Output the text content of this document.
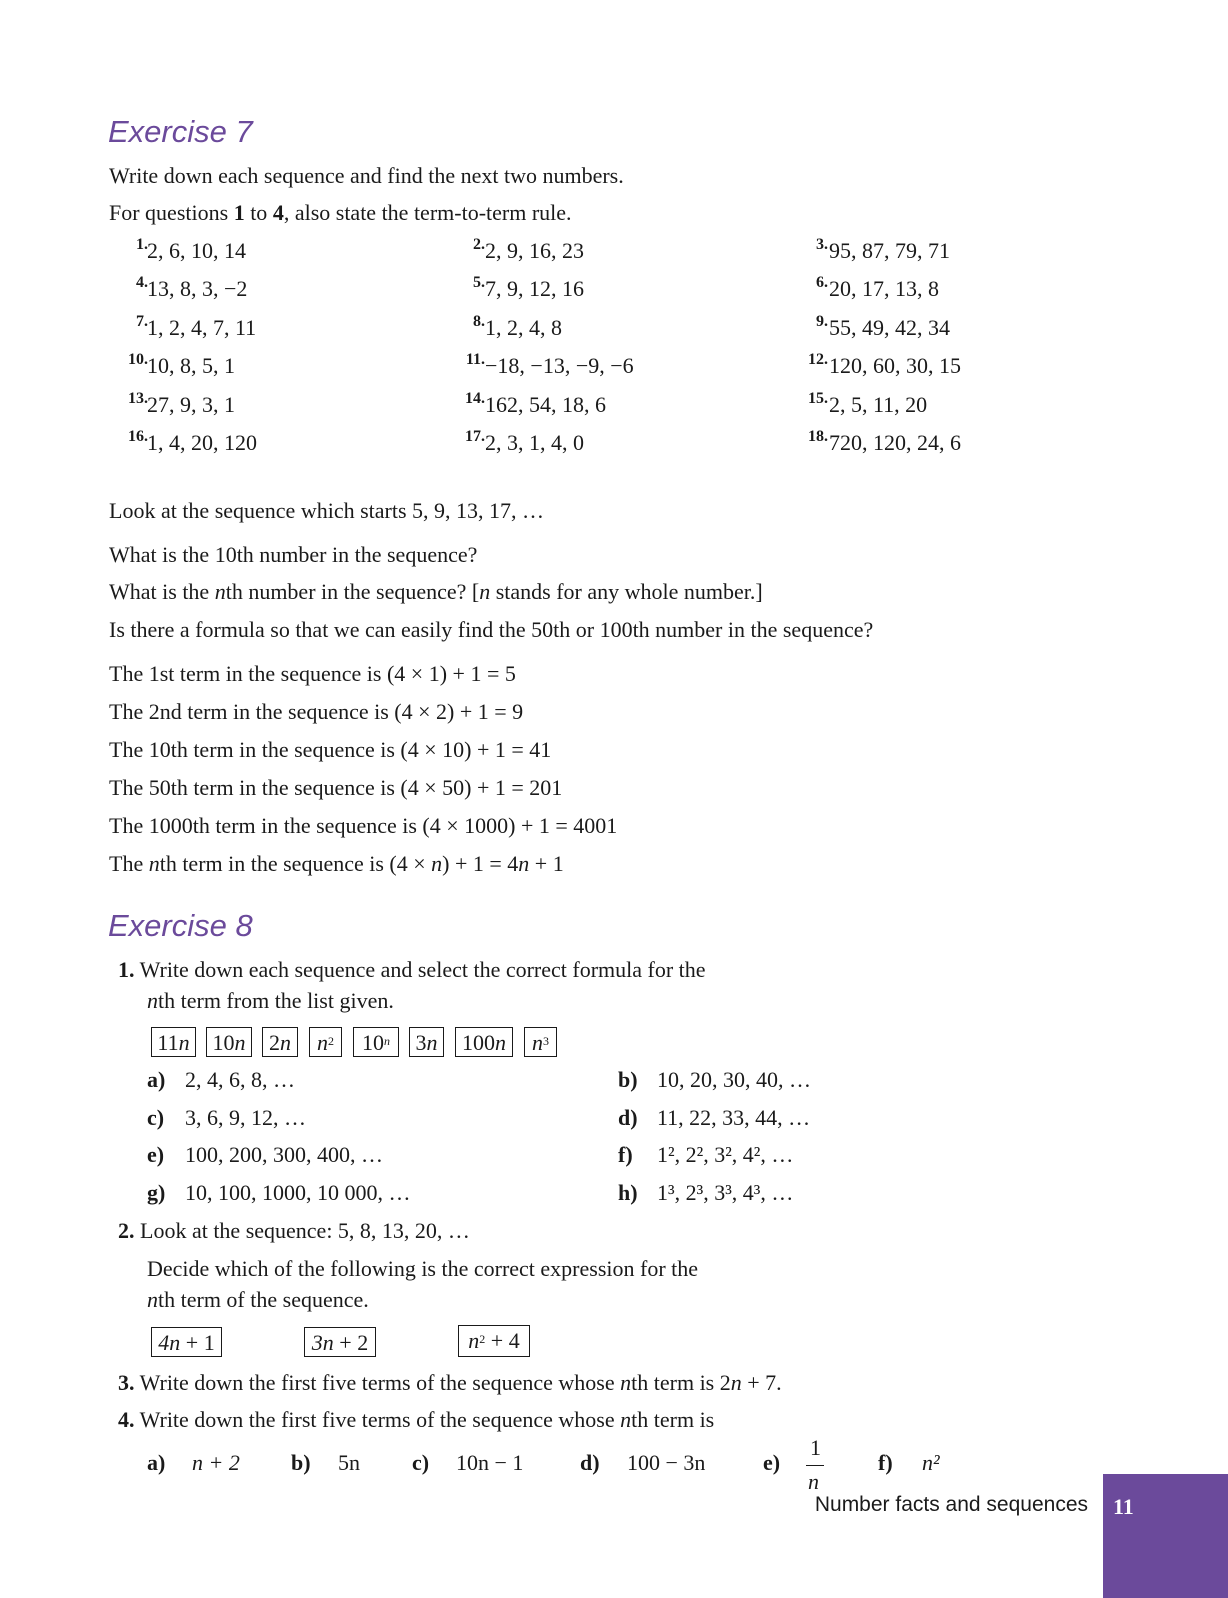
Exercise 7
Write down each sequence and find the next two numbers.
For questions 1 to 4, also state the term-to-term rule.
1. 2, 6, 10, 14	2. 2, 9, 16, 23	3. 95, 87, 79, 71
4. 13, 8, 3, −2	5. 7, 9, 12, 16	6. 20, 17, 13, 8
7. 1, 2, 4, 7, 11	8. 1, 2, 4, 8	9. 55, 49, 42, 34
10. 10, 8, 5, 1	11. −18, −13, −9, −6	12. 120, 60, 30, 15
13. 27, 9, 3, 1	14. 162, 54, 18, 6	15. 2, 5, 11, 20
16. 1, 4, 20, 120	17. 2, 3, 1, 4, 0	18. 720, 120, 24, 6
Look at the sequence which starts 5, 9, 13, 17, …
What is the 10th number in the sequence?
What is the nth number in the sequence? [n stands for any whole number.]
Is there a formula so that we can easily find the 50th or 100th number in the sequence?
The 1st term in the sequence is (4 × 1) + 1 = 5
The 2nd term in the sequence is (4 × 2) + 1 = 9
The 10th term in the sequence is (4 × 10) + 1 = 41
The 50th term in the sequence is (4 × 50) + 1 = 201
The 1000th term in the sequence is (4 × 1000) + 1 = 4001
The nth term in the sequence is (4 × n) + 1 = 4n + 1
Exercise 8
1. Write down each sequence and select the correct formula for the
nth term from the list given.
11n 10n	2n	$n^2$	10$^n$	3n	100n	$n^3$
a) 2, 4, 6, 8, …	b) 10, 20, 30, 40, …
c) 3, 6, 9, 12, …	d) 11, 22, 33, 44, …
e) 100, 200, 300, 400, …	f) 1², 2², 3², 4², …
g) 10, 100, 1000, 10 000, …	h) 1³, 2³, 3³, 4³, …
2. Look at the sequence: 5, 8, 13, 20, …
Decide which of the following is the correct expression for the
nth term of the sequence.
4n + 1	3n + 2	$n^2 + 4$
3. Write down the first five terms of the sequence whose nth term is 2n + 7.
4. Write down the first five terms of the sequence whose nth term is
a) n + 2 b) 5n c) 10n − 1	d) 100 − 3n	e)
1
n
f) n²
Number facts and sequences 11
